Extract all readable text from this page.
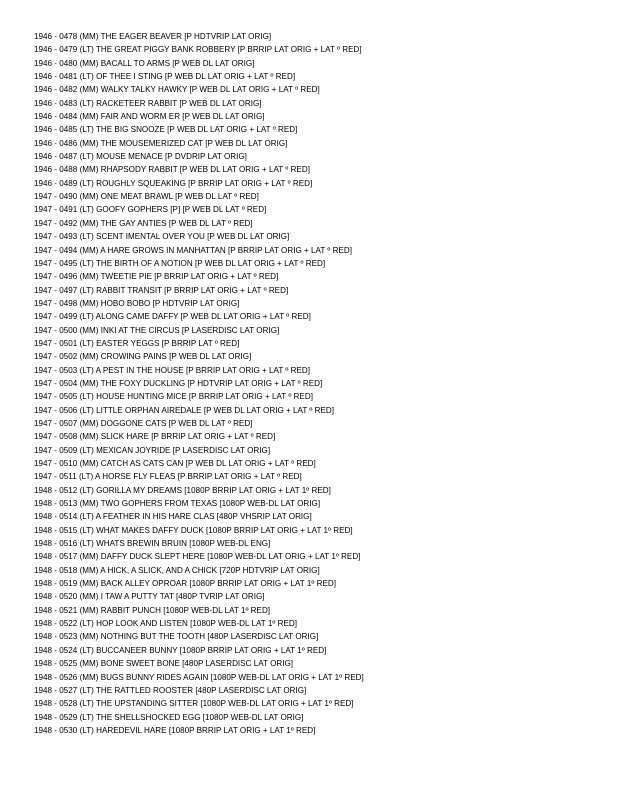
1946 - 0478 (MM) THE EAGER BEAVER [P HDTVRIP LAT ORIG]
1946 - 0479 (LT) THE GREAT PIGGY BANK ROBBERY [P BRRIP LAT ORIG + LAT º RED]
1946 - 0480 (MM) BACALL TO ARMS [P WEB DL LAT ORIG]
1946 - 0481 (LT) OF THEE I STING [P WEB DL LAT ORIG + LAT º RED]
1946 - 0482 (MM) WALKY TALKY HAWKY [P WEB DL LAT ORIG + LAT º RED]
1946 - 0483 (LT) RACKETEER RABBIT [P WEB DL LAT ORIG]
1946 - 0484 (MM) FAIR AND WORM ER [P WEB DL LAT ORIG]
1946 - 0485 (LT) THE BIG SNOOZE [P WEB DL LAT ORIG + LAT º RED]
1946 - 0486 (MM) THE MOUSEMERIZED CAT [P WEB DL LAT ORIG]
1946 - 0487 (LT) MOUSE MENACE [P DVDRIP LAT ORIG]
1946 - 0488 (MM) RHAPSODY RABBIT [P WEB DL LAT ORIG + LAT º RED]
1946 - 0489 (LT) ROUGHLY SQUEAKING [P BRRIP LAT ORIG + LAT º RED]
1947 - 0490 (MM) ONE MEAT BRAWL [P WEB DL LAT º RED]
1947 - 0491 (LT) GOOFY GOPHERS [P] [P WEB DL LAT º RED]
1947 - 0492 (MM) THE GAY ANTIES [P WEB DL LAT º RED]
1947 - 0493 (LT) SCENT IMENTAL OVER YOU [P WEB DL LAT ORIG]
1947 - 0494 (MM) A HARE GROWS IN MANHATTAN [P BRRIP LAT ORIG + LAT º RED]
1947 - 0495 (LT) THE BIRTH OF A NOTION [P WEB DL LAT ORIG + LAT º RED]
1947 - 0496 (MM) TWEETIE PIE [P BRRIP LAT ORIG + LAT º RED]
1947 - 0497 (LT) RABBIT TRANSIT [P BRRIP LAT ORIG + LAT º RED]
1947 - 0498 (MM) HOBO BOBO [P HDTVRIP LAT ORIG]
1947 - 0499 (LT) ALONG CAME DAFFY [P WEB DL LAT ORIG + LAT º RED]
1947 - 0500 (MM) INKI AT THE CIRCUS [P LASERDISC LAT ORIG]
1947 - 0501 (LT) EASTER YEGGS [P BRRIP LAT º RED]
1947 - 0502 (MM) CROWING PAINS [P WEB DL LAT ORIG]
1947 - 0503 (LT) A PEST IN THE HOUSE [P BRRIP LAT ORIG + LAT º RED]
1947 - 0504 (MM) THE FOXY DUCKLING [P HDTVRIP LAT ORIG + LAT º RED]
1947 - 0505 (LT) HOUSE HUNTING MICE [P BRRIP LAT ORIG + LAT º RED]
1947 - 0506 (LT) LITTLE ORPHAN AIREDALE [P WEB DL LAT ORIG + LAT º RED]
1947 - 0507 (MM) DOGGONE CATS [P WEB DL LAT º RED]
1947 - 0508 (MM) SLICK HARE [P BRRIP LAT ORIG + LAT º RED]
1947 - 0509 (LT) MEXICAN JOYRIDE [P LASERDISC LAT ORIG]
1947 - 0510 (MM) CATCH AS CATS CAN [P WEB DL LAT ORIG + LAT º RED]
1947 - 0511 (LT) A HORSE FLY FLEAS [P BRRIP LAT ORIG + LAT º RED]
1948 - 0512 (LT) GORILLA MY DREAMS [1080P BRRIP LAT ORIG + LAT 1º RED]
1948 - 0513 (MM) TWO GOPHERS FROM TEXAS [1080P WEB-DL LAT ORIG]
1948 - 0514 (LT) A FEATHER IN HIS HARE CLAS [480P VHSRIP LAT ORIG]
1948 - 0515 (LT) WHAT MAKES DAFFY DUCK [1080P BRRIP LAT ORIG + LAT 1º RED]
1948 - 0516 (LT) WHATS BREWIN BRUIN [1080P WEB-DL ENG]
1948 - 0517 (MM) DAFFY DUCK SLEPT HERE [1080P WEB-DL LAT ORIG + LAT 1º RED]
1948 - 0518 (MM) A HICK, A SLICK, AND A CHICK [720P HDTVRIP LAT ORIG]
1948 - 0519 (MM) BACK ALLEY OPROAR [1080P BRRIP LAT ORIG + LAT 1º RED]
1948 - 0520 (MM) I TAW A PUTTY TAT [480P TVRIP LAT ORIG]
1948 - 0521 (MM) RABBIT PUNCH [1080P WEB-DL LAT 1º RED]
1948 - 0522 (LT) HOP LOOK AND LISTEN [1080P WEB-DL LAT 1º RED]
1948 - 0523 (MM) NOTHING BUT THE TOOTH [480P LASERDISC LAT ORIG]
1948 - 0524 (LT) BUCCANEER BUNNY [1080P BRRIP LAT ORIG + LAT 1º RED]
1948 - 0525 (MM) BONE SWEET BONE [480P LASERDISC LAT ORIG]
1948 - 0526 (MM) BUGS BUNNY RIDES AGAIN [1080P WEB-DL LAT ORIG + LAT 1º RED]
1948 - 0527 (LT) THE RATTLED ROOSTER [480P LASERDISC LAT ORIG]
1948 - 0528 (LT) THE UPSTANDING SITTER [1080P WEB-DL LAT ORIG + LAT 1º RED]
1948 - 0529 (LT) THE SHELLSHOCKED EGG [1080P WEB-DL LAT ORIG]
1948 - 0530 (LT) HAREDEVIL HARE [1080P BRRIP LAT ORIG + LAT 1º RED]
